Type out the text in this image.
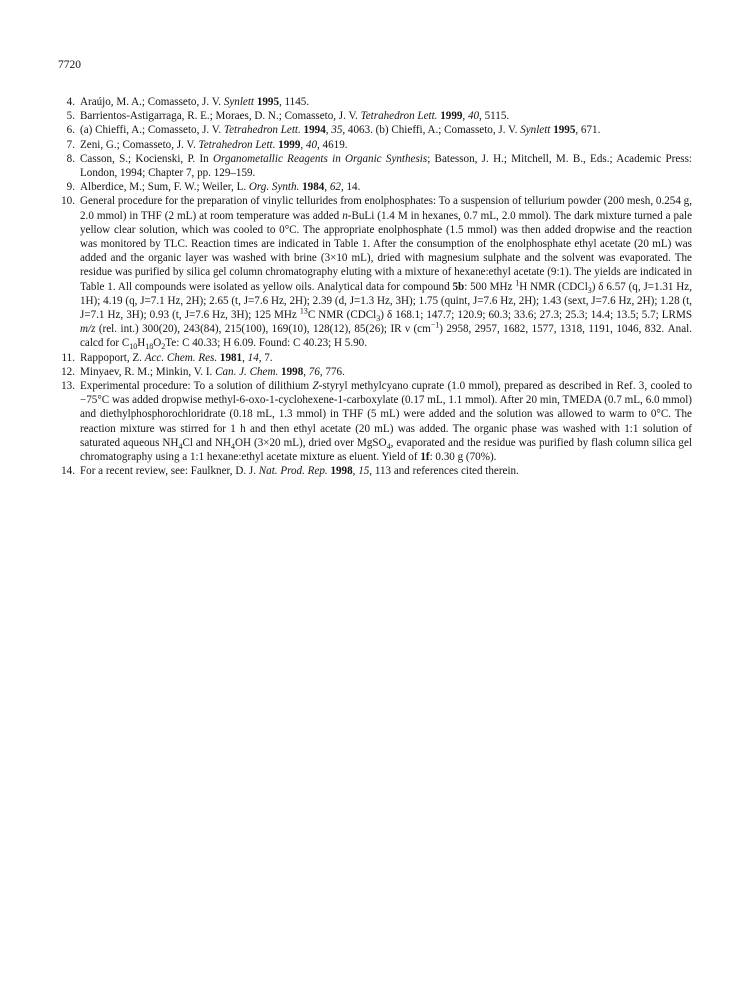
7720
4. Araújo, M. A.; Comasseto, J. V. Synlett 1995, 1145.
5. Barrientos-Astigarraga, R. E.; Moraes, D. N.; Comasseto, J. V. Tetrahedron Lett. 1999, 40, 5115.
6. (a) Chieffi, A.; Comasseto, J. V. Tetrahedron Lett. 1994, 35, 4063. (b) Chieffi, A.; Comasseto, J. V. Synlett 1995, 671.
7. Zeni, G.; Comasseto, J. V. Tetrahedron Lett. 1999, 40, 4619.
8. Casson, S.; Kocienski, P. In Organometallic Reagents in Organic Synthesis; Batesson, J. H.; Mitchell, M. B., Eds.; Academic Press: London, 1994; Chapter 7, pp. 129–159.
9. Alberdice, M.; Sum, F. W.; Weiler, L. Org. Synth. 1984, 62, 14.
10. General procedure for the preparation of vinylic tellurides from enolphosphates: To a suspension of tellurium powder (200 mesh, 0.254 g, 2.0 mmol) in THF (2 mL) at room temperature was added n-BuLi (1.4 M in hexanes, 0.7 mL, 2.0 mmol). The dark mixture turned a pale yellow clear solution, which was cooled to 0°C. The appropriate enolphosphate (1.5 mmol) was then added dropwise and the reaction was monitored by TLC. Reaction times are indicated in Table 1. After the consumption of the enolphosphate ethyl acetate (20 mL) was added and the organic layer was washed with brine (3×10 mL), dried with magnesium sulphate and the solvent was evaporated. The residue was purified by silica gel column chromatography eluting with a mixture of hexane:ethyl acetate (9:1). The yields are indicated in Table 1. All compounds were isolated as yellow oils. Analytical data for compound 5b: 500 MHz $^1$H NMR (CDCl$_3$) δ 6.57 (q, J=1.31 Hz, 1H); 4.19 (q, J=7.1 Hz, 2H); 2.65 (t, J=7.6 Hz, 2H); 2.39 (d, J=1.3 Hz, 3H); 1.75 (quint, J=7.6 Hz, 2H); 1.43 (sext, J=7.6 Hz, 2H); 1.28 (t, J=7.1 Hz, 3H); 0.93 (t, J=7.6 Hz, 3H); 125 MHz $^{13}$C NMR (CDCl$_3$) δ 168.1; 147.7; 120.9; 60.3; 33.6; 27.3; 25.3; 14.4; 13.5; 5.7; LRMS m/z (rel. int.) 300(20), 243(84), 215(100), 169(10), 128(12), 85(26); IR ν (cm$^{-1}$) 2958, 2957, 1682, 1577, 1318, 1191, 1046, 832. Anal. calcd for $C_{10}H_{18}O_2Te$: C 40.33; H 6.09. Found: C 40.23; H 5.90.
11. Rappoport, Z. Acc. Chem. Res. 1981, 14, 7.
12. Minyaev, R. M.; Minkin, V. I. Can. J. Chem. 1998, 76, 776.
13. Experimental procedure: To a solution of dilithium Z-styryl methylcyano cuprate (1.0 mmol), prepared as described in Ref. 3, cooled to −75°C was added dropwise methyl-6-oxo-1-cyclohexene-1-carboxylate (0.17 mL, 1.1 mmol). After 20 min, TMEDA (0.7 mL, 6.0 mmol) and diethylphosphorochloridrate (0.18 mL, 1.3 mmol) in THF (5 mL) were added and the solution was allowed to warm to 0°C. The reaction mixture was stirred for 1 h and then ethyl acetate (20 mL) was added. The organic phase was washed with 1:1 solution of saturated aqueous $NH_4Cl$ and $NH_4OH$ (3×20 mL), dried over MgSO$_4$, evaporated and the residue was purified by flash column silica gel chromatography using a 1:1 hexane:ethyl acetate mixture as eluent. Yield of 1f: 0.30 g (70%).
14. For a recent review, see: Faulkner, D. J. Nat. Prod. Rep. 1998, 15, 113 and references cited therein.
